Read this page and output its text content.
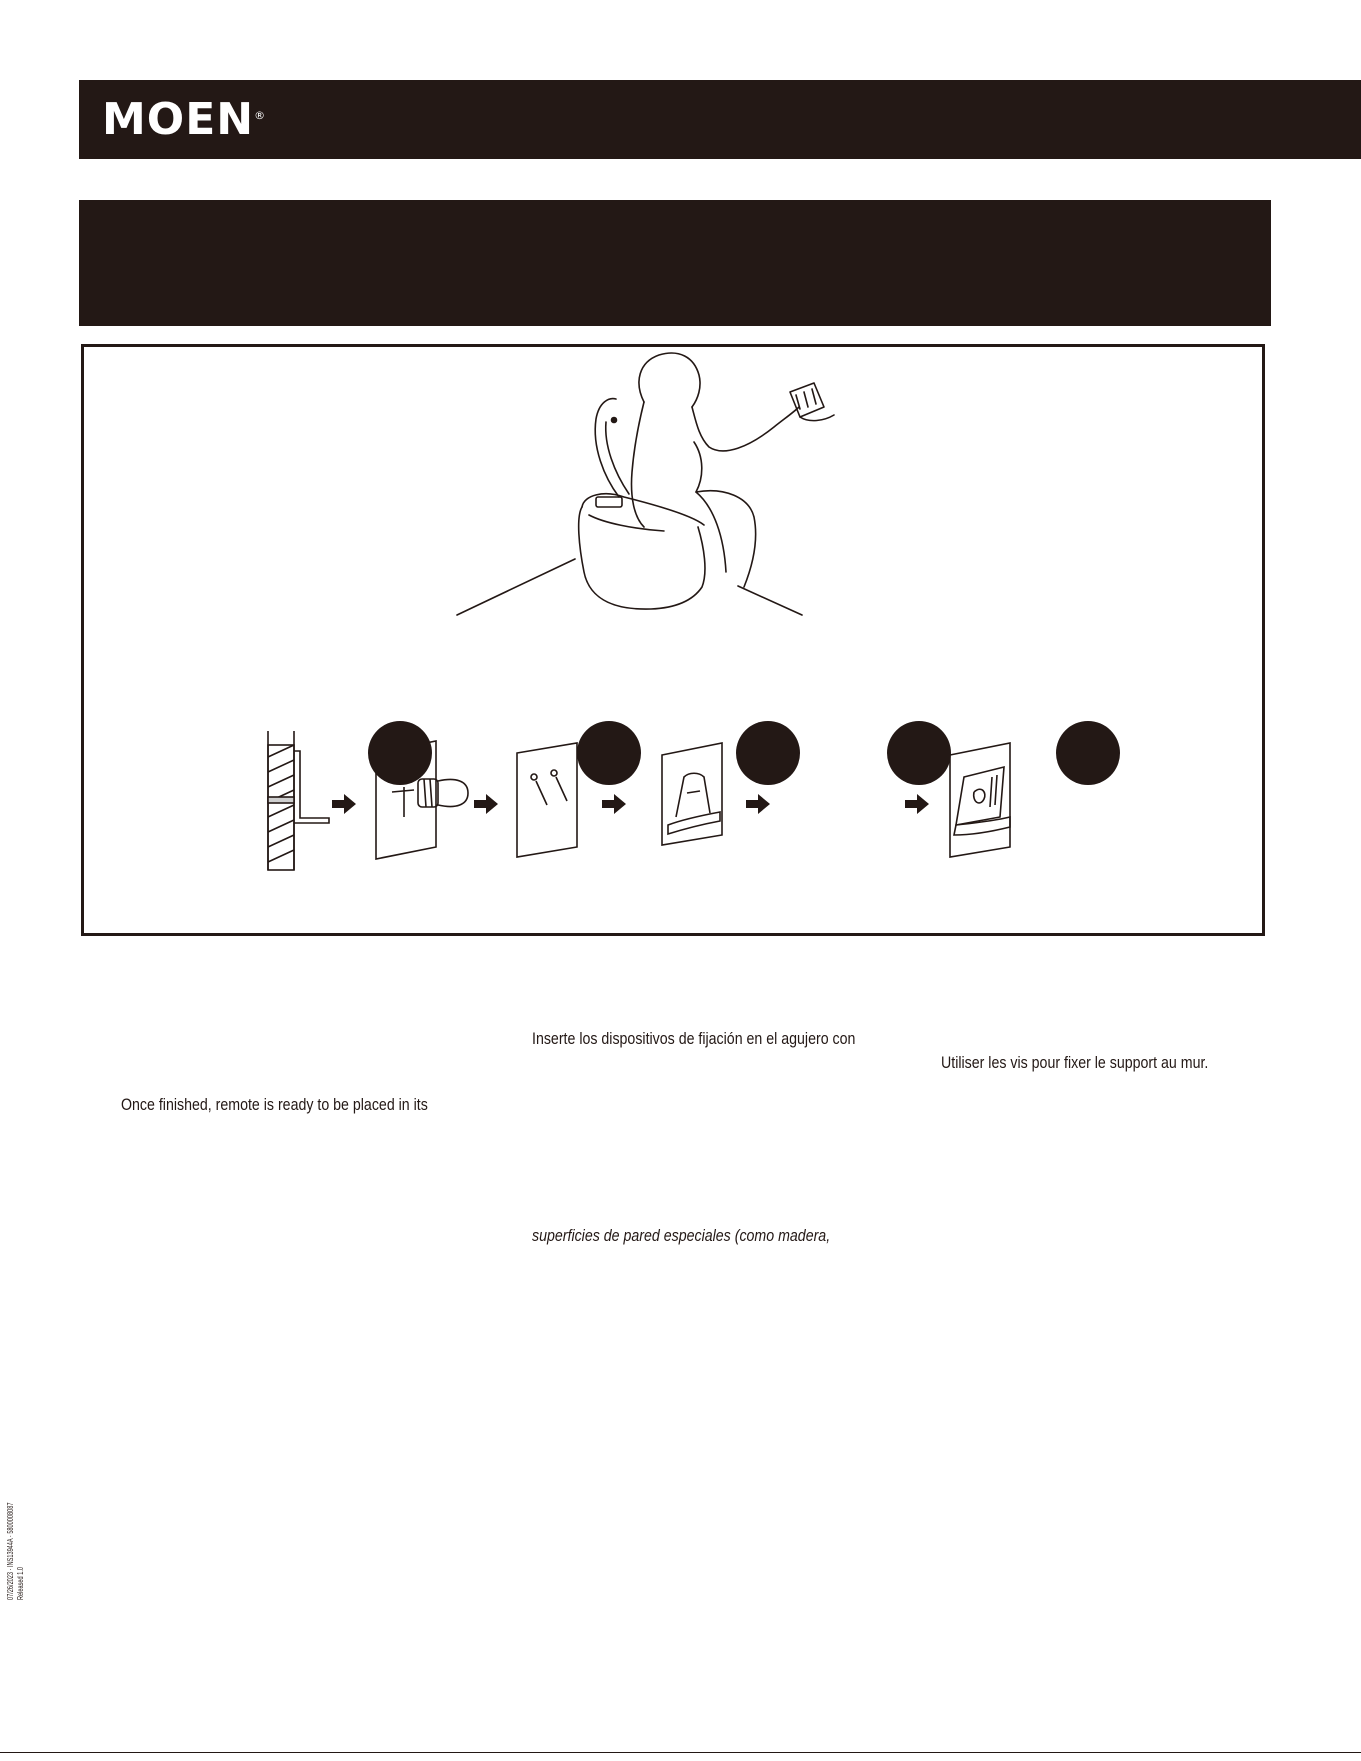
MOEN®
Inserte los dispositivos de fijación en el agujero con
Utiliser les vis pour fixer le support au mur.
Once finished, remote is ready to be placed in its
superficies de pared especiales (como madera,
07/26/2023 · INS13944A · 5800008087 Released 1.0
